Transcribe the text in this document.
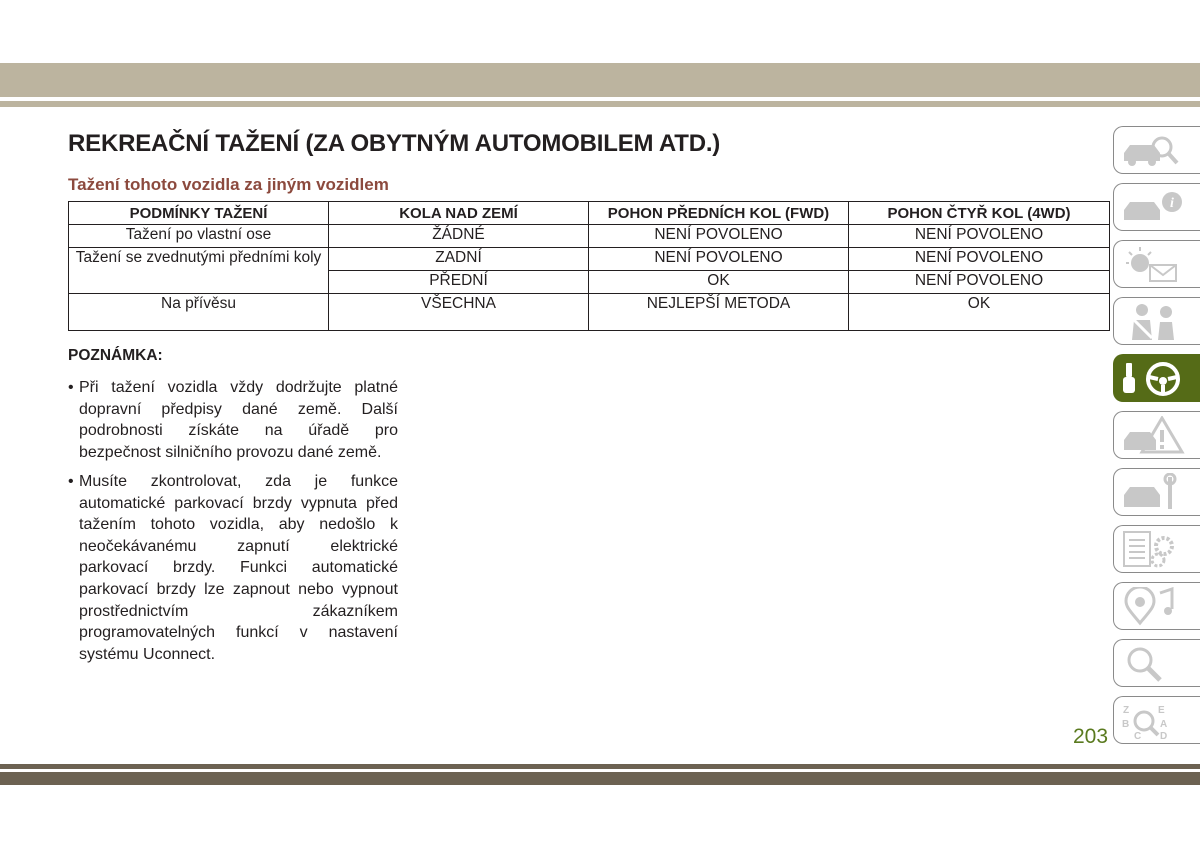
REKREAČNÍ TAŽENÍ (ZA OBYTNÝM AUTOMOBILEM ATD.)
Tažení tohoto vozidla za jiným vozidlem
PODMÍNKY TAŽENÍ	KOLA NAD ZEMÍ	POHON PŘEDNÍCH KOL (FWD)	POHON ČTYŘ KOL (4WD)
Tažení po vlastní ose	ŽÁDNÉ	NENÍ POVOLENO	NENÍ POVOLENO
Tažení se zvednutými předními koly	ZADNÍ	NENÍ POVOLENO	NENÍ POVOLENO
	PŘEDNÍ	OK	NENÍ POVOLENO
Na přívěsu	VŠECHNA	NEJLEPŠÍ METODA	OK
POZNÁMKA:

• Při tažení vozidla vždy dodržujte platné dopravní předpisy dané země. Další podrobnosti získáte na úřadě pro bezpečnost silničního provozu dané země.

• Musíte zkontrolovat, zda je funkce automatické parkovací brzdy vypnuta před tažením tohoto vozidla, aby nedošlo k neočekávanému zapnutí elektrické parkovací brzdy. Funkci automatické parkovací brzdy lze zapnout nebo vypnout prostřednictvím zákazníkem programovatelných funkcí v nastavení systému Uconnect.

203
i
Z	E
B	A
C D
